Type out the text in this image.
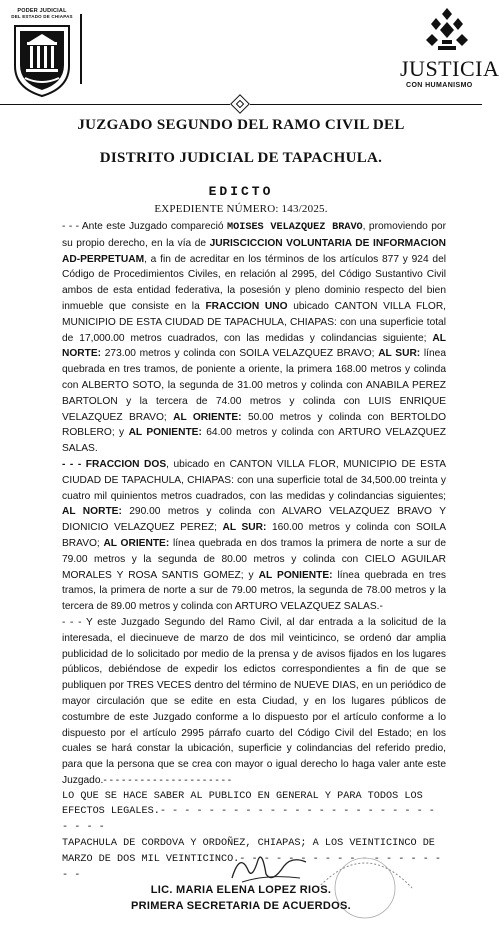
PODER JUDICIAL
DEL ESTADO DE CHIAPAS
JUSTICIA
CON HUMANISMO
JUZGADO SEGUNDO DEL RAMO CIVIL DEL
DISTRITO JUDICIAL DE TAPACHULA.
EDICTO
EXPEDIENTE NÚMERO: 143/2025.

- - - Ante este Juzgado compareció MOISES VELAZQUEZ BRAVO, promoviendo por su propio derecho, en la vía de JURISCICCION VOLUNTARIA DE INFORMACION AD-PERPETUAM, a fin de acreditar en los términos de los artículos 877 y 924 del Código de Procedimientos Civiles, en relación al 2995, del Código Sustantivo Civil ambos de esta entidad federativa, la posesión y pleno dominio respecto del bien inmueble que consiste en la FRACCION UNO ubicado CANTON VILLA FLOR, MUNICIPIO DE ESTA CIUDAD DE TAPACHULA, CHIAPAS: con una superficie total de 17,000.00 metros cuadrados, con las medidas y colindancias siguiente; AL NORTE: 273.00 metros y colinda con SOILA VELAZQUEZ BRAVO; AL SUR: línea quebrada en tres tramos, de poniente a oriente, la primera 168.00 metros y colinda con ALBERTO SOTO, la segunda de 31.00 metros y colinda con ANABILA PEREZ BARTOLON y la tercera de 74.00 metros y colinda con LUIS ENRIQUE VELAZQUEZ BRAVO; AL ORIENTE: 50.00 metros y colinda con BERTOLDO ROBLERO; y AL PONIENTE: 64.00 metros y colinda con ARTURO VELAZQUEZ SALAS.

- - - FRACCION DOS, ubicado en CANTON VILLA FLOR, MUNICIPIO DE ESTA CIUDAD DE TAPACHULA, CHIAPAS: con una superficie total de 34,500.00 treinta y cuatro mil quinientos metros cuadrados, con las medidas y colindancias siguientes; AL NORTE: 290.00 metros y colinda con ALVARO VELAZQUEZ BRAVO Y DIONICIO VELAZQUEZ PEREZ; AL SUR: 160.00 metros y colinda con SOILA BRAVO; AL ORIENTE: línea quebrada en dos tramos la primera de norte a sur de 79.00 metros y la segunda de 80.00 metros y colinda con CIELO AGUILAR MORALES Y ROSA SANTIS GOMEZ; y AL PONIENTE: línea quebrada en tres tramos, la primera de norte a sur de 79.00 metros, la segunda de 78.00 metros y la tercera de 89.00 metros y colinda con ARTURO VELAZQUEZ SALAS.-

- - - Y este Juzgado Segundo del Ramo Civil, al dar entrada a la solicitud de la interesada, el diecinueve de marzo de dos mil veinticinco, se ordenó dar amplia publicidad de lo solicitado por medio de la prensa y de avisos fijados en los lugares públicos, debiéndose de expedir los edictos correspondientes a fin de que se publiquen por TRES VECES dentro del término de NUEVE DIAS, en un periódico de mayor circulación que se edite en esta Ciudad, y en los lugares públicos de costumbre de este Juzgado conforme a lo dispuesto por el artículo conforme a lo dispuesto por el artículo 2995 párrafo cuarto del Código Civil del Estado; en los cuales se hará constar la ubicación, superficie y colindancias del referido predio, para que la persona que se crea con mayor o igual derecho lo haga valer ante este Juzgado.- - - - - - - - - - - - - - - - - - - - -

LO QUE SE HACE SABER AL PUBLICO EN GENERAL Y PARA TODOS LOS EFECTOS LEGALES.- - - - - - - - - - - - - - - - - - - - - - - - - - -

TAPACHULA DE CORDOVA Y ORDOÑEZ, CHIAPAS; A LOS VEINTICINCO DE MARZO DE DOS MIL VEINTICINCO.- - - - - - - - - - - - - - - - - - -

LIC. MARIA ELENA LOPEZ RIOS.
PRIMERA SECRETARIA DE ACUERDOS.
